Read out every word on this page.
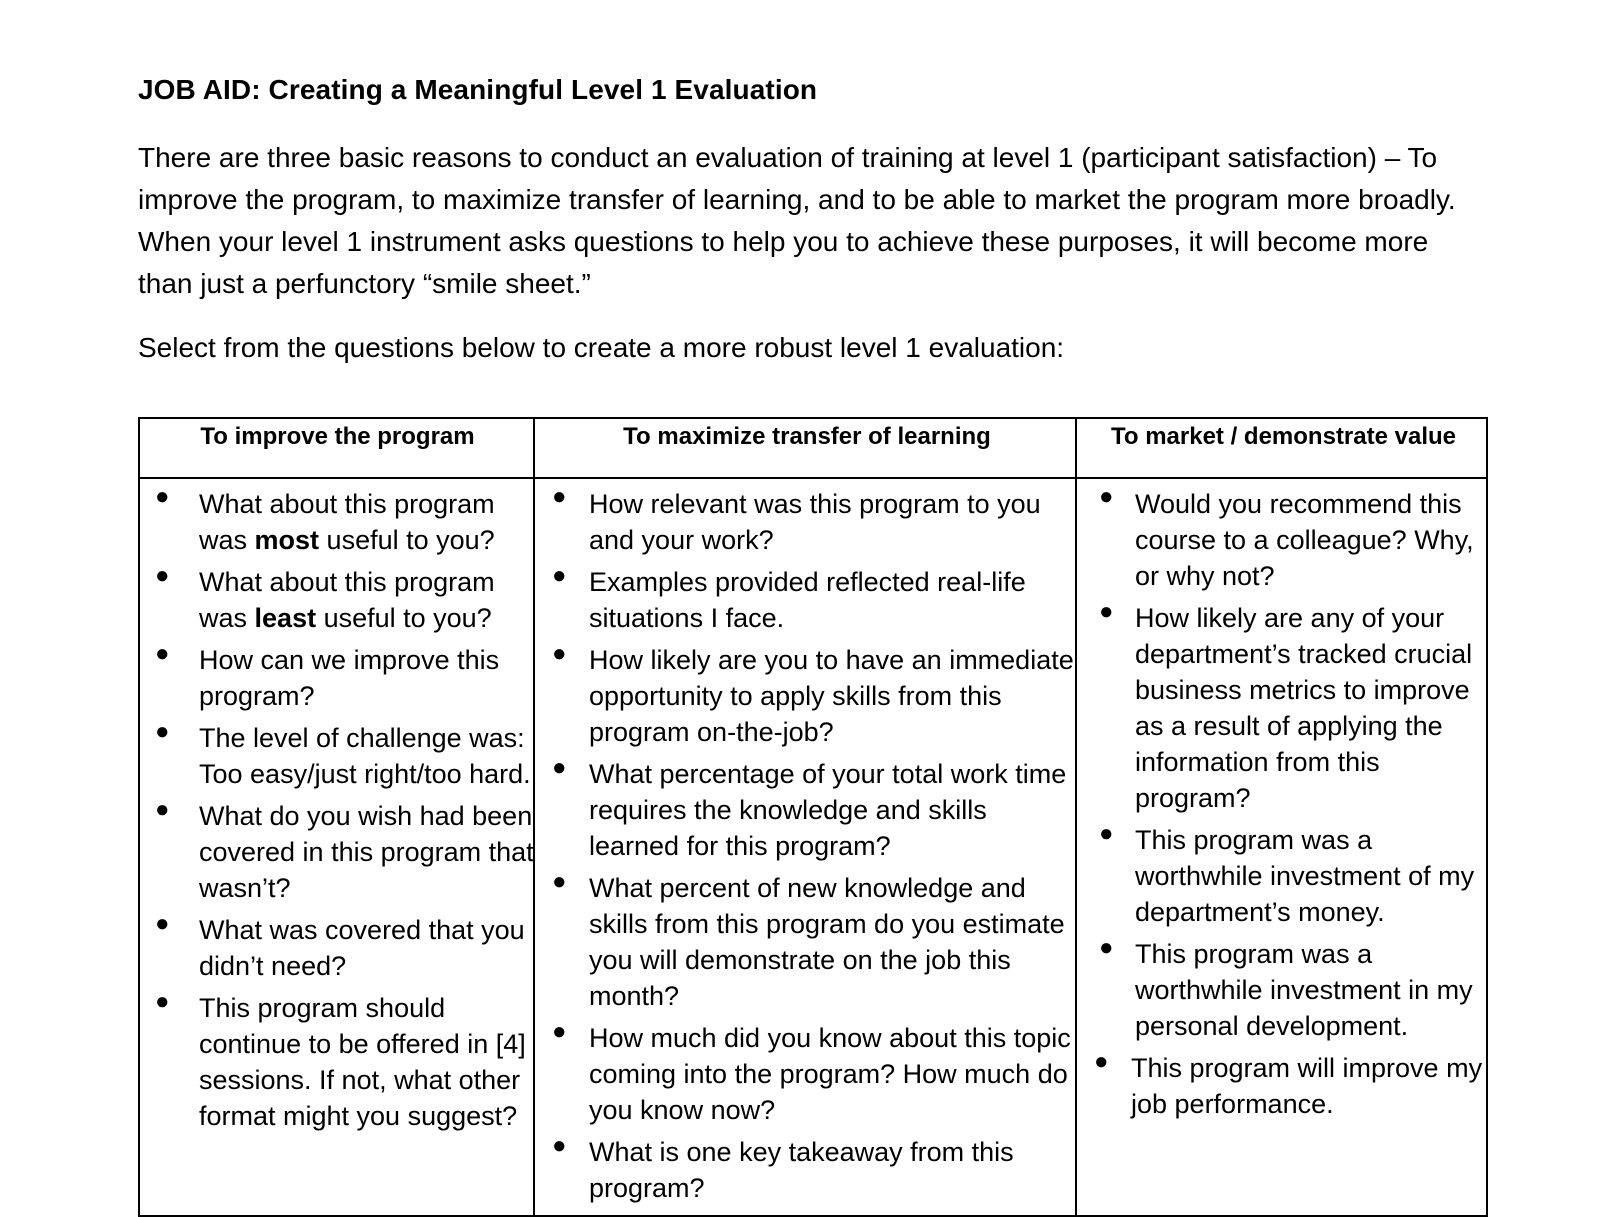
JOB AID: Creating a Meaningful Level 1 Evaluation
There are three basic reasons to conduct an evaluation of training at level 1 (participant satisfaction) – To improve the program, to maximize transfer of learning, and to be able to market the program more broadly. When your level 1 instrument asks questions to help you to achieve these purposes, it will become more than just a perfunctory “smile sheet.”
Select from the questions below to create a more robust level 1 evaluation:
To improve the program	To maximize transfer of learning	To market / demonstrate value
● What about this program was most useful to you?
● What about this program was least useful to you?
● How can we improve this program?
● The level of challenge was: Too easy/just right/too hard.
● What do you wish had been covered in this program that wasn’t?
● What was covered that you didn’t need?
● This program should continue to be offered in [4] sessions. If not, what other format might you suggest?
● How relevant was this program to you and your work?
● Examples provided reflected real-life situations I face.
● How likely are you to have an immediate opportunity to apply skills from this program on-the-job?
● What percentage of your total work time requires the knowledge and skills learned for this program?
● What percent of new knowledge and skills from this program do you estimate you will demonstrate on the job this month?
● How much did you know about this topic coming into the program? How much do you know now?
● What is one key takeaway from this program?
● Would you recommend this course to a colleague? Why, or why not?
● How likely are any of your department’s tracked crucial business metrics to improve as a result of applying the information from this program?
● This program was a worthwhile investment of my department’s money.
● This program was a worthwhile investment in my personal development.
● This program will improve my job performance.
